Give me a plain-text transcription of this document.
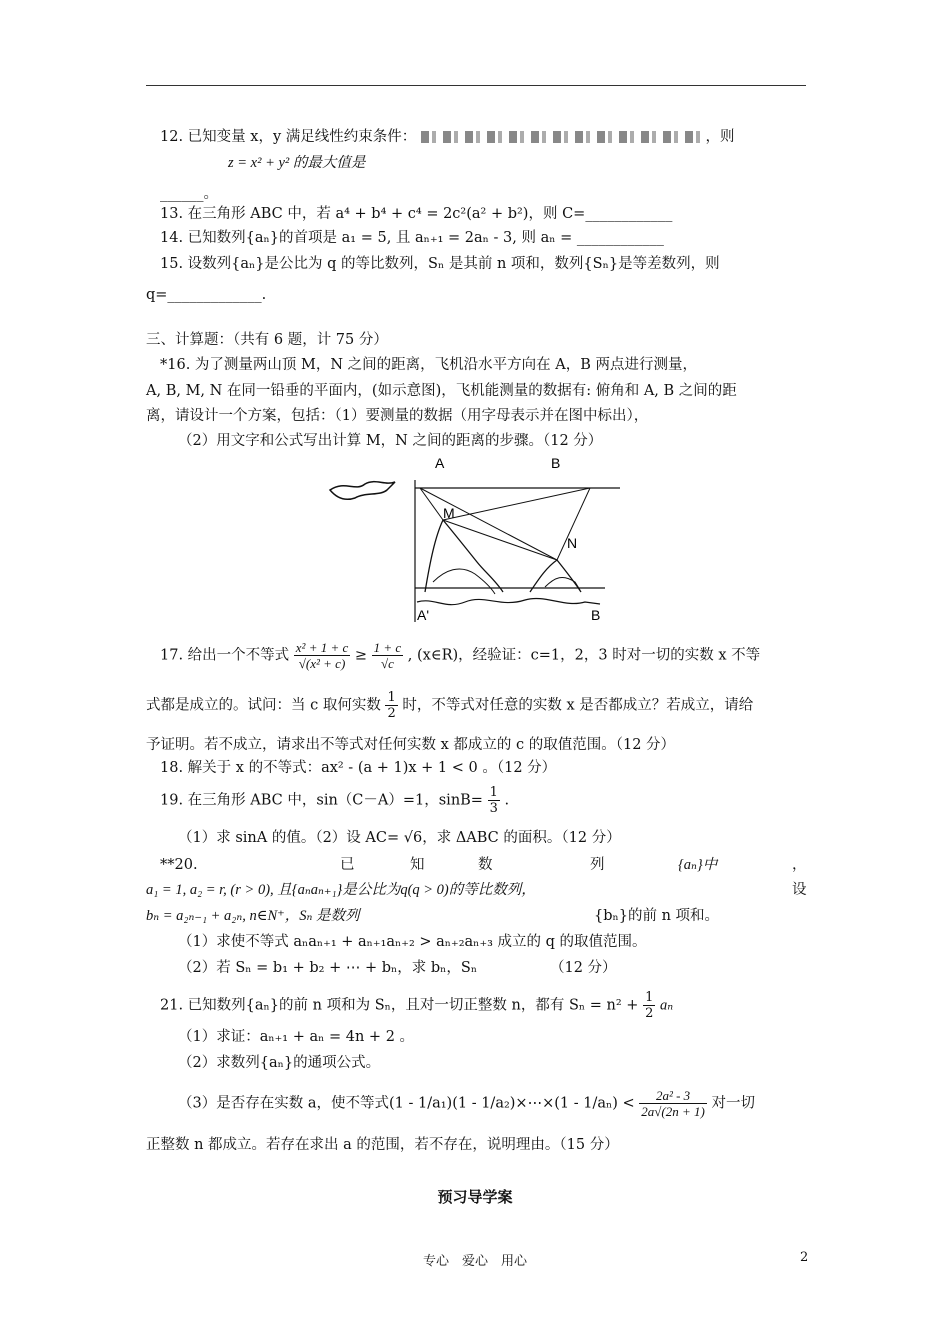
12. 已知变量 x，y 满足线性约束条件：	，则
z = x² + y² 的最大值是
______。
13. 在三角形 ABC 中，若 a⁴ + b⁴ + c⁴ = 2c²(a² + b²)，则 C=____________
14. 已知数列{aₙ}的首项是 a₁ = 5, 且 aₙ₊₁ = 2aₙ - 3, 则 aₙ = ____________
15. 设数列{aₙ}是公比为 q 的等比数列，Sₙ 是其前 n 项和，数列{Sₙ}是等差数列，则
q=_____________.
三、计算题：（共有 6 题，计 75 分）
*16. 为了测量两山顶 M，N 之间的距离，飞机沿水平方向在 A，B 两点进行测量，
A, B, M, N 在同一铅垂的平面内，(如示意图)，飞机能测量的数据有: 俯角和 A, B 之间的距
离，请设计一个方案，包括：（1）要测量的数据（用字母表示并在图中标出），
（2）用文字和公式写出计算 M，N 之间的距离的步骤。（12 分）
A	B
M
N
A'	B
17. 给出一个不等式 $\frac{\text{x² + 1 + c}}{\text{√(x² + c)}} \ge \frac{1 + c}{√c}$ , (x∈R)，经验证：c=1，2，3 时对一切的实数 x 不等
式都是成立的。试问：当 c 取何实数 $\frac{1}{2}$ 时，不等式对任意的实数 x 是否都成立？若成立，请给
予证明。若不成立，请求出不等式对任何实数 x 都成立的 c 的取值范围。（12 分）
18. 解关于 x 的不等式：ax² - (a + 1)x + 1 < 0 。（12 分）
19. 在三角形 ABC 中，sin（C－A）=1，$\sin B= \frac{1}{3}$ .
（1）求 sinA 的值。（2）设 AC= √6，求 ΔABC 的面积。（12 分）
**20.	已	知	数	列	{aₙ}中	，
a₁ = 1, a₂ = r, (r > 0), 且{aₙaₙ₊₁}是公比为q(q > 0)的等比数列，	设
bₙ = a₂ₙ₋₁ + a₂ₙ, n∈N⁺，Sₙ 是数列	{bₙ}的前 n 项和。
（1）求使不等式 aₙaₙ₊₁ + aₙ₊₁aₙ₊₂ > aₙ₊₂aₙ₊₃ 成立的 q 的取值范围。
（2）若 Sₙ = b₁ + b₂ + ⋯ + bₙ，求 bₙ，Sₙ	（12 分）
21. 已知数列{aₙ}的前 n 项和为 Sₙ，且对一切正整数 n，都有 $S_n = n^2 + \frac{1}{2}$ aₙ
（1）求证：aₙ₊₁ + aₙ = 4n + 2 。
（2）求数列{aₙ}的通项公式。
（3）是否存在实数 a，使不等式(1 - 1/a₁)(1 - 1/a₂)×⋯×(1 - $1/a_n) < \frac{\text{2a² - 3}}{2a√(2n + 1)}$ 对一切
正整数 n 都成立。若存在求出 a 的范围，若不存在，说明理由。（15 分）
预习导学案
专心　爱心　用心	2
